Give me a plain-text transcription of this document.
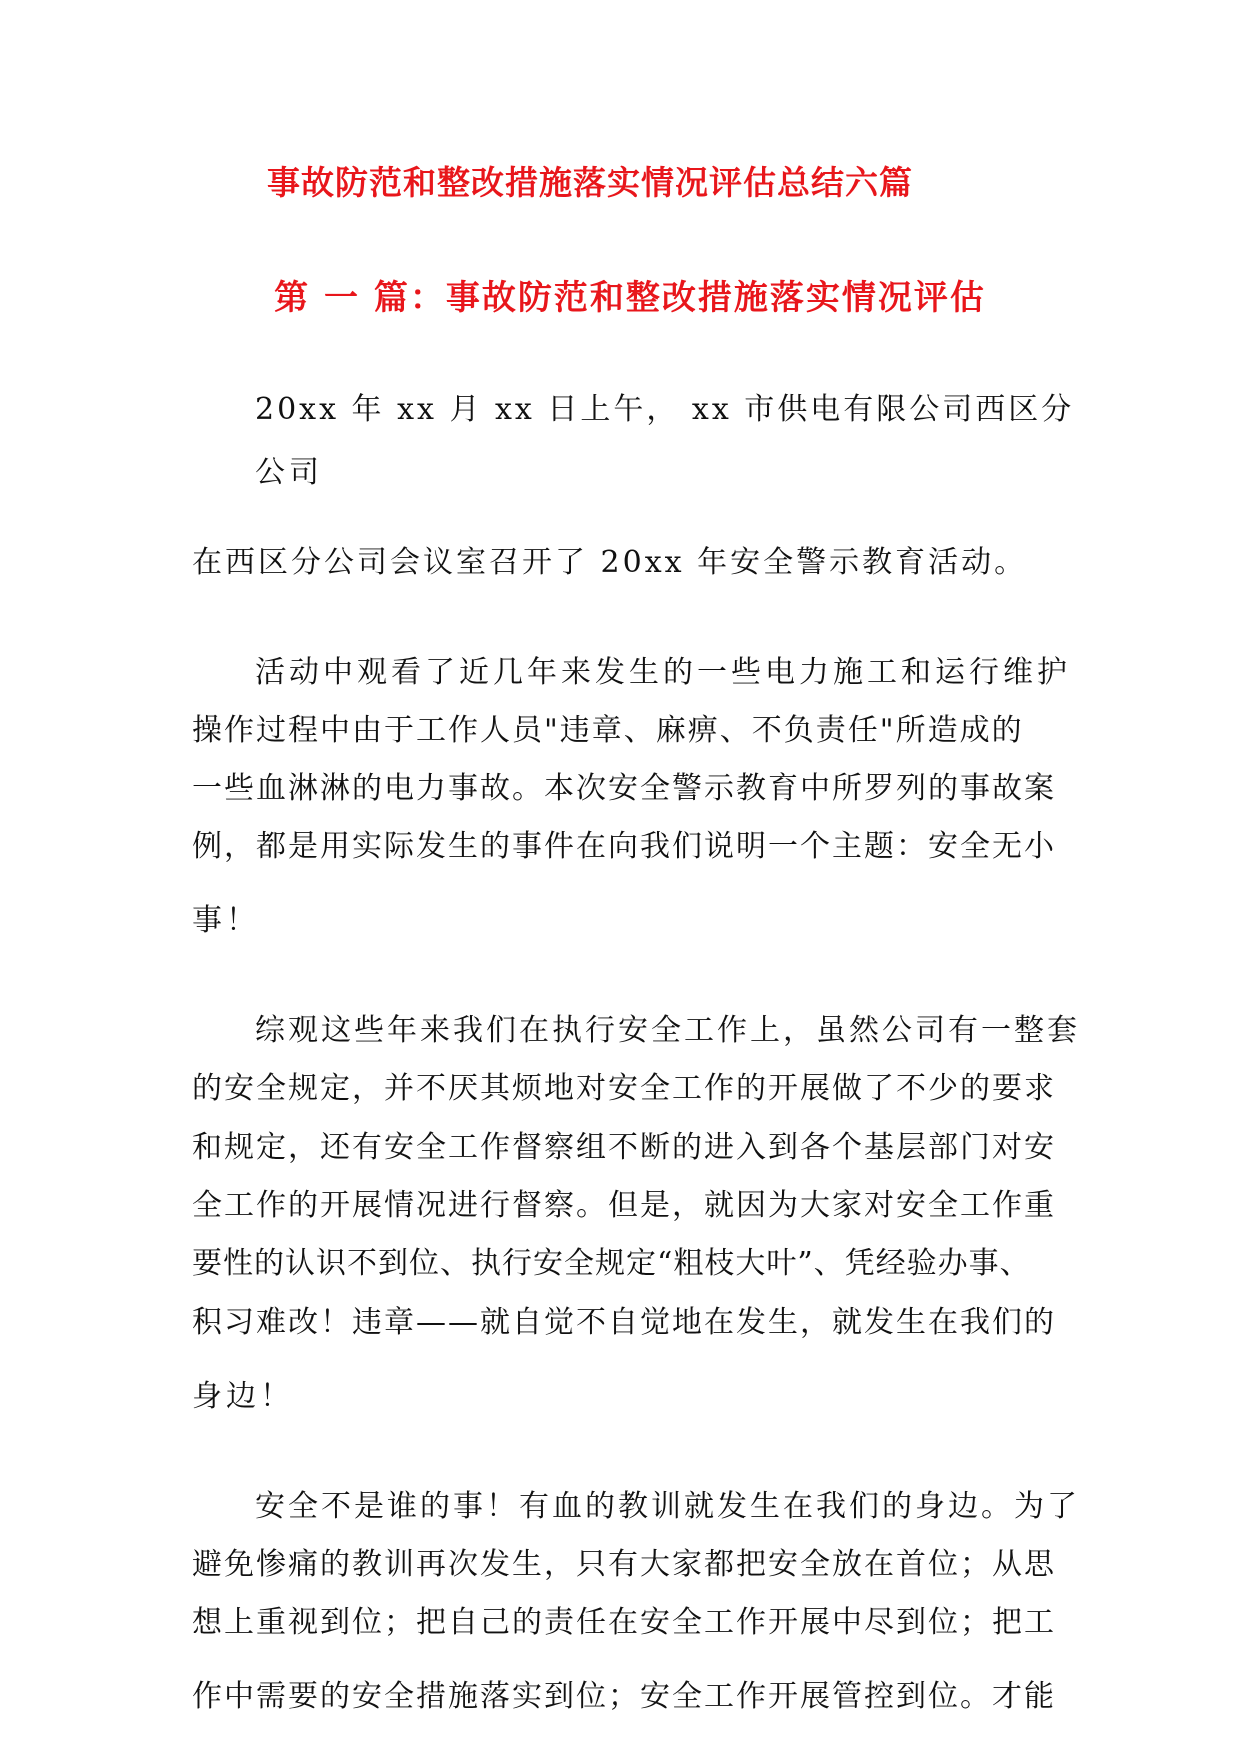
事故防范和整改措施落实情况评估总结六篇
第 一 篇：事故防范和整改措施落实情况评估
20xx 年 xx 月 xx 日上午， xx 市供电有限公司西区分
公司
在西区分公司会议室召开了 20xx 年安全警示教育活动。
活动中观看了近几年来发生的一些电力施工和运行维护
操作过程中由于工作人员"违章、麻痹、不负责任"所造成的
一些血淋淋的电力事故。本次安全警示教育中所罗列的事故案
例，都是用实际发生的事件在向我们说明一个主题：安全无小
事！
综观这些年来我们在执行安全工作上，虽然公司有一整套
的安全规定，并不厌其烦地对安全工作的开展做了不少的要求
和规定，还有安全工作督察组不断的进入到各个基层部门对安
全工作的开展情况进行督察。但是，就因为大家对安全工作重
要性的认识不到位、执行安全规定“粗枝大叶”、凭经验办事、
积习难改！违章——就自觉不自觉地在发生，就发生在我们的
身边！
安全不是谁的事！有血的教训就发生在我们的身边。为了
避免惨痛的教训再次发生，只有大家都把安全放在首位；从思
想上重视到位；把自己的责任在安全工作开展中尽到位；把工
作中需要的安全措施落实到位；安全工作开展管控到位。才能
